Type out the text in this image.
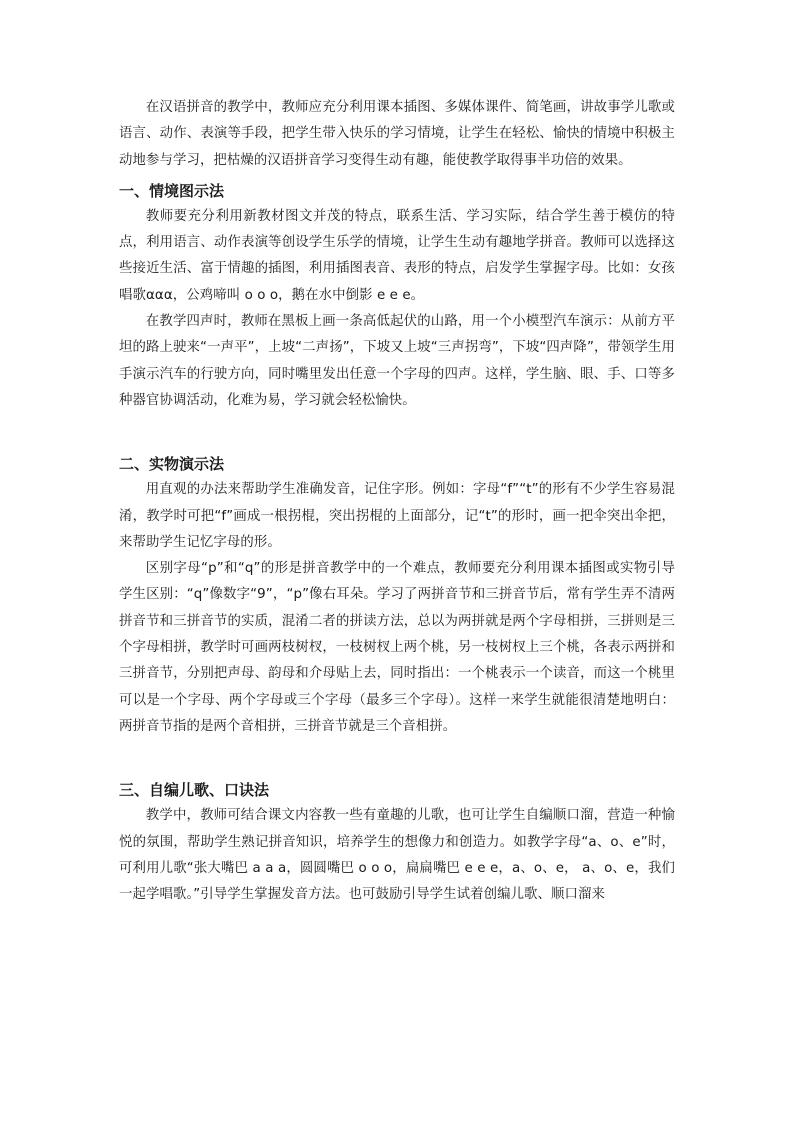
在汉语拼音的教学中，教师应充分利用课本插图、多媒体课件、简笔画，讲故事学儿歌或语言、动作、表演等手段，把学生带入快乐的学习情境，让学生在轻松、愉快的情境中积极主动地参与学习，把枯燥的汉语拼音学习变得生动有趣，能使教学取得事半功倍的效果。

一、情境图示法

教师要充分利用新教材图文并茂的特点，联系生活、学习实际，结合学生善于模仿的特点，利用语言、动作表演等创设学生乐学的情境，让学生生动有趣地学拼音。教师可以选择这些接近生活、富于情趣的插图，利用插图表音、表形的特点，启发学生掌握字母。比如：女孩唱歌ααα，公鸡啼叫 o o o，鹅在水中倒影 e e e。

在教学四声时，教师在黑板上画一条高低起伏的山路，用一个小模型汽车演示：从前方平坦的路上驶来“一声平”，上坡“二声扬”，下坡又上坡“三声拐弯”，下坡“四声降”，带领学生用手演示汽车的行驶方向，同时嘴里发出任意一个字母的四声。这样，学生脑、眼、手、口等多种器官协调活动，化难为易，学习就会轻松愉快。

二、实物演示法

用直观的办法来帮助学生准确发音，记住字形。例如：字母“f”“t”的形有不少学生容易混淆，教学时可把“f”画成一根拐棍，突出拐棍的上面部分，记“t”的形时，画一把伞突出伞把，来帮助学生记忆字母的形。

区别字母“p”和“q”的形是拼音教学中的一个难点，教师要充分利用课本插图或实物引导学生区别：“q”像数字“9”，“p”像右耳朵。学习了两拼音节和三拼音节后，常有学生弄不清两拼音节和三拼音节的实质，混淆二者的拼读方法，总以为两拼就是两个字母相拼，三拼则是三个字母相拼，教学时可画两枝树杈，一枝树杈上两个桃，另一枝树杈上三个桃，各表示两拼和三拼音节，分别把声母、韵母和介母贴上去，同时指出：一个桃表示一个读音，而这一个桃里可以是一个字母、两个字母或三个字母（最多三个字母）。这样一来学生就能很清楚地明白：两拼音节指的是两个音相拼，三拼音节就是三个音相拼。

三、自编儿歌、口诀法

教学中，教师可结合课文内容教一些有童趣的儿歌，也可让学生自编顺口溜，营造一种愉悦的氛围，帮助学生熟记拼音知识，培养学生的想像力和创造力。如教学字母“a、o、e”时，可利用儿歌“张大嘴巴 a a a，圆圆嘴巴 o o o，扁扁嘴巴 e e e，a、o、e， a、o、e，我们一起学唱歌。”引导学生掌握发音方法。也可鼓励引导学生试着创编儿歌、顺口溜来
